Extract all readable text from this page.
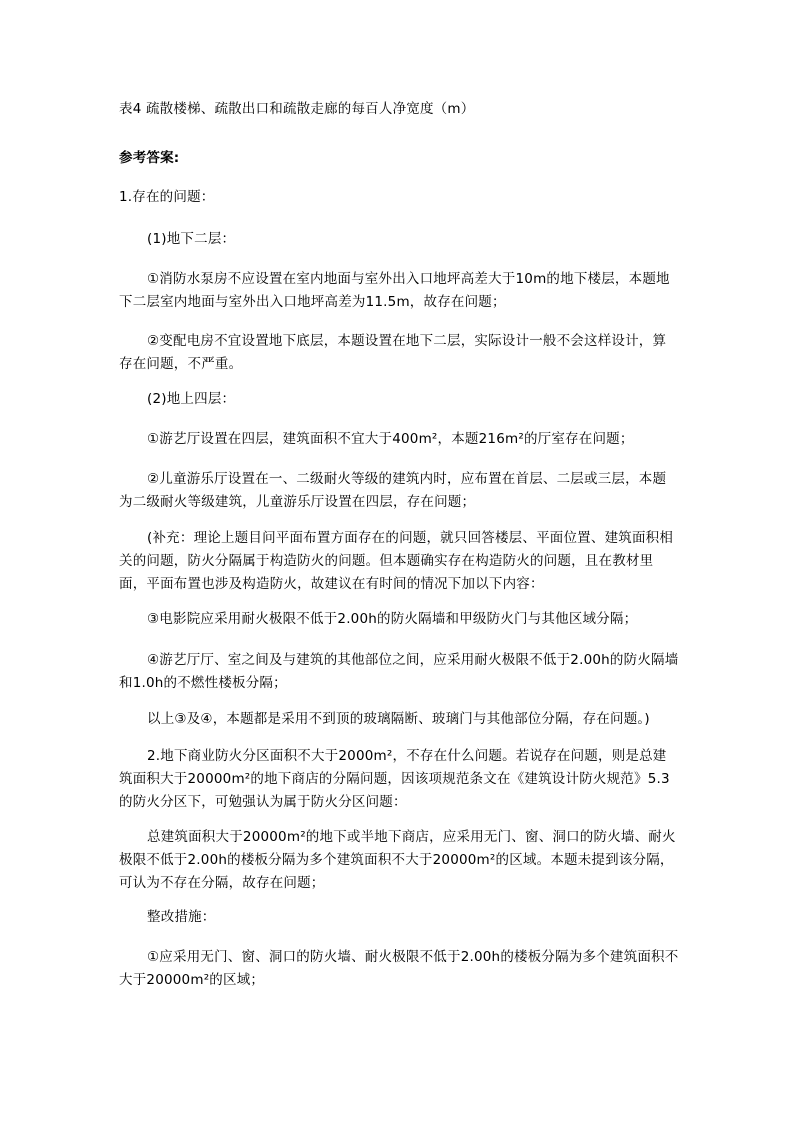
表4 疏散楼梯、疏散出口和疏散走廊的每百人净宽度（m）
参考答案:
1.存在的问题：
(1)地下二层：
①消防水泵房不应设置在室内地面与室外出入口地坪高差大于10m的地下楼层，本题地下二层室内地面与室外出入口地坪高差为11.5m，故存在问题；
②变配电房不宜设置地下底层，本题设置在地下二层，实际设计一般不会这样设计，算存在问题，不严重。
(2)地上四层：
①游艺厅设置在四层，建筑面积不宜大于400m²，本题216m²的厅室存在问题；
②儿童游乐厅设置在一、二级耐火等级的建筑内时，应布置在首层、二层或三层，本题为二级耐火等级建筑，儿童游乐厅设置在四层，存在问题；
(补充：理论上题目问平面布置方面存在的问题，就只回答楼层、平面位置、建筑面积相关的问题，防火分隔属于构造防火的问题。但本题确实存在构造防火的问题，且在教材里面，平面布置也涉及构造防火，故建议在有时间的情况下加以下内容：
③电影院应采用耐火极限不低于2.00h的防火隔墙和甲级防火门与其他区域分隔；
④游艺厅厅、室之间及与建筑的其他部位之间，应采用耐火极限不低于2.00h的防火隔墙和1.0h的不燃性楼板分隔；
以上③及④，本题都是采用不到顶的玻璃隔断、玻璃门与其他部位分隔，存在问题。)
2.地下商业防火分区面积不大于2000m²，不存在什么问题。若说存在问题，则是总建筑面积大于20000m²的地下商店的分隔问题，因该项规范条文在《建筑设计防火规范》5.3的防火分区下，可勉强认为属于防火分区问题：
总建筑面积大于20000m²的地下或半地下商店，应采用无门、窗、洞口的防火墙、耐火极限不低于2.00h的楼板分隔为多个建筑面积不大于20000m²的区域。本题未提到该分隔，可认为不存在分隔，故存在问题；
整改措施：
①应采用无门、窗、洞口的防火墙、耐火极限不低于2.00h的楼板分隔为多个建筑面积不大于20000m²的区域；
